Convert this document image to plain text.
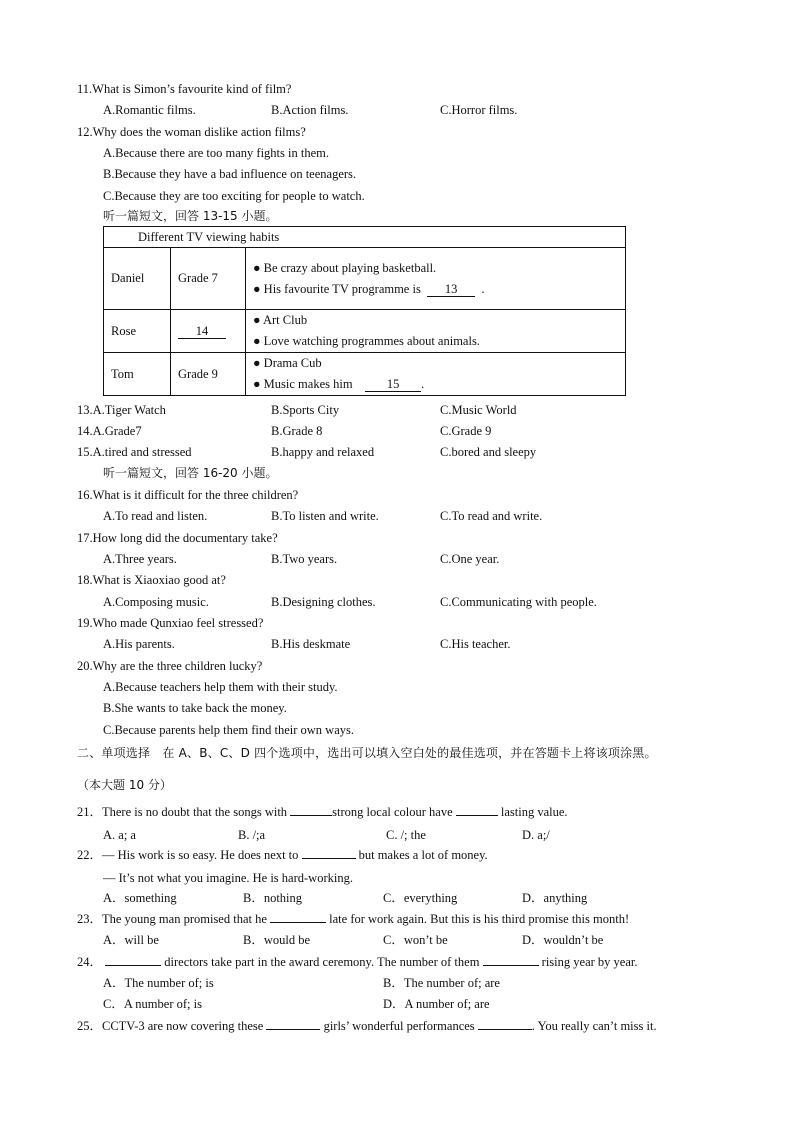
11.What is Simon’s favourite kind of film?
A.Romantic films.	B.Action films.	C.Horror films.
12.Why does the woman dislike action films?
A.Because there are too many fights in them.
B.Because they have a bad influence on teenagers.
C.Because they are too exciting for people to watch.
听一篇短文，回答 13-15 小题。
Different TV viewing habits		
Daniel	Grade 7	● Be crazy about playing basketball.
● His favourite TV programme is 13 .

Rose	14	● Art Club
● Love watching programmes about animals.

Tom	Grade 9	● Drama Cub
● Music makes him 15 .
13.A.Tiger Watch	B.Sports City	C.Music World
14.A.Grade7	B.Grade 8	C.Grade 9
15.A.tired and stressed	B.happy and relaxed	C.bored and sleepy
听一篇短文，回答 16-20 小题。
16.What is it difficult for the three children?
A.To read and listen.	B.To listen and write.	C.To read and write.
17.How long did the documentary take?
A.Three years.	B.Two years.	C.One year.
18.What is Xiaoxiao good at?
A.Composing music.	B.Designing clothes.	C.Communicating with people.
19.Who made Qunxiao feel stressed?
A.His parents.	B.His deskmate	C.His teacher.
20.Why are the three children lucky?
A.Because teachers help them with their study.
B.She wants to take back the money.
C.Because parents help them find their own ways.
二、单项选择　在 A、B、C、D 四个选项中，选出可以填入空白处的最佳选项，并在答题卡上将该项涂黑。
（本大题 10 分）
21．There is no doubt that the songs with	strong local colour have	lasting value.
A. a; a	B. /;a	C. /; the	D. a;/
22．— His work is so easy. He does next to	but makes a lot of money.
— It’s not what you imagine. He is hard-working.
A．something	B．nothing	C．everything	D．anything
23．The young man promised that he	late for work again. But this is his third promise this month!
A．will be	B．would be	C．won’t be	D．wouldn’t be
24．	directors take part in the award ceremony. The number of them	rising year by year.
A．The number of; is	B．The number of; are
C．A number of; is	D．A number of; are
25．CCTV-3 are now covering these	girls’ wonderful performances	. You really can’t miss it.
